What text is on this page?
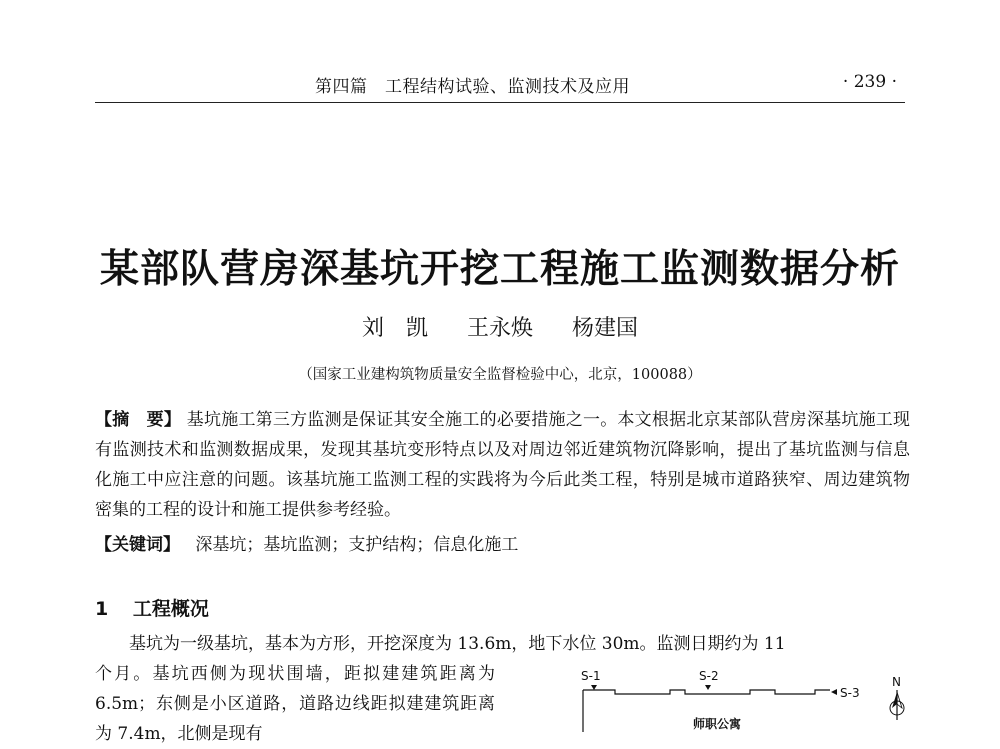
第四篇　工程结构试验、监测技术及应用	· 239 ·
某部队营房深基坑开挖工程施工监测数据分析
刘　凯 王永焕 杨建国
（国家工业建构筑物质量安全监督检验中心，北京，100088）
【摘　要】 基坑施工第三方监测是保证其安全施工的必要措施之一。本文根据北京某部队营房深基坑施工现有监测技术和监测数据成果，发现其基坑变形特点以及对周边邻近建筑物沉降影响，提出了基坑监测与信息化施工中应注意的问题。该基坑施工监测工程的实践将为今后此类工程，特别是城市道路狭窄、周边建筑物密集的工程的设计和施工提供参考经验。
【关键词】 深基坑；基坑监测；支护结构；信息化施工
1 工程概况
基坑为一级基坑，基本为方形，开挖深度为 13.6m，地下水位 30m。监测日期约为 11
个月。基坑西侧为现状围墙，距拟建建筑距离为 6.5m；东侧是小区道路，道路边线距拟建建筑距离为 7.4m，北侧是现有
S-1	S-2
S-3
师职公寓
N
